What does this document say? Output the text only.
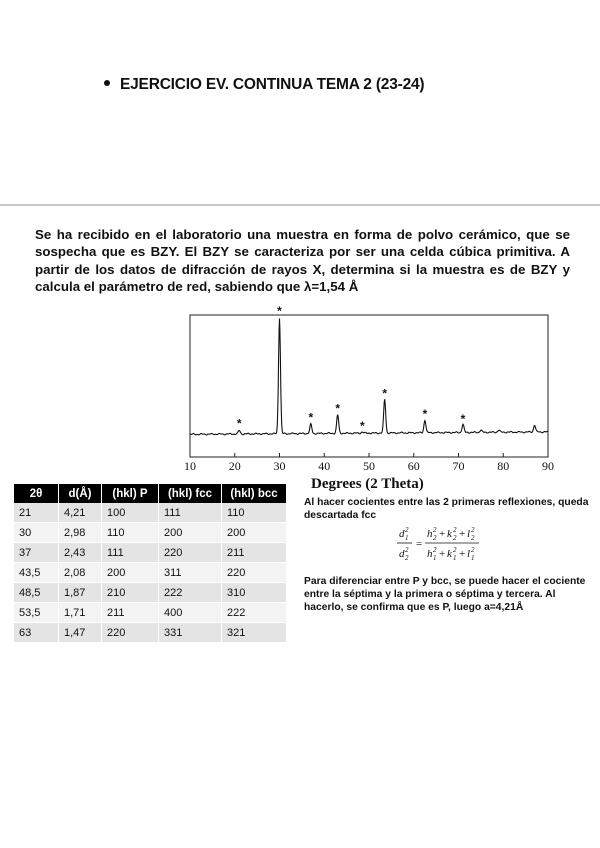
EJERCICIO EV. CONTINUA TEMA 2 (23-24)
Se ha recibido en el laboratorio una muestra en forma de polvo cerámico, que se sospecha que es BZY. El BZY se caracteriza por ser una celda cúbica primitiva. A partir de los datos de difracción de rayos X, determina si la muestra es de BZY y calcula el parámetro de red, sabiendo que λ=1,54 Å
*
*
*
*
*
*
*	*
10	20	30	40	50	60	70	80	90
Degrees (2 Theta)
2θ	d(Å)	(hkl) P	(hkl) fcc	(hkl) bcc
21	4,21	100	111	110
30	2,98	110	200	200
37	2,43	111	220	211
43,5	2,08	200	311	220
48,5	1,87	210	222	310
53,5	1,71	211	400	222
63	1,47	220	331	321
Al hacer cocientes entre las 2 primeras reflexiones, queda descartada fcc
d 2
1
d 2
2
=
h 2
2 + k 2
2 + l 2
2
h 2
1 + k 2
1 + l 2
1
Para diferenciar entre P y bcc, se puede hacer el cociente entre la séptima y la primera o séptima y tercera. Al hacerlo, se confirma que es P, luego a=4,21Å
